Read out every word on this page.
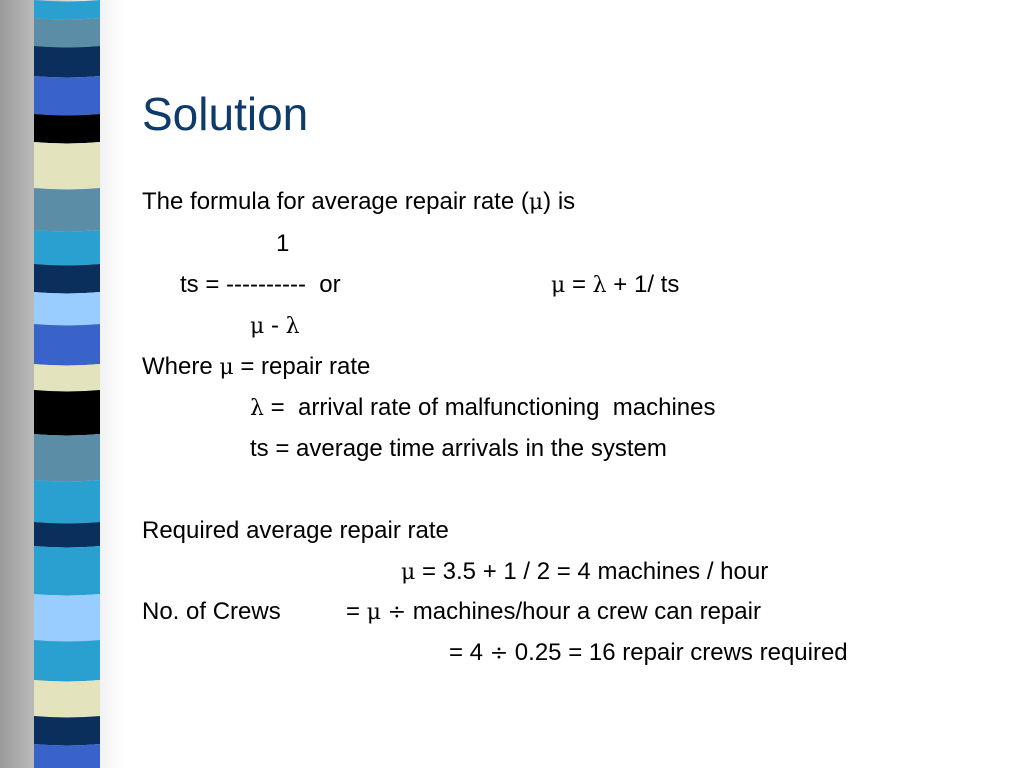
Solution
The formula for average repair rate (μ) is
1
ts = ----------  or	μ = λ + 1/ ts
μ - λ
Where μ = repair rate
λ =  arrival rate of malfunctioning  machines
ts = average time arrivals in the system
Required average repair rate
μ = 3.5 + 1 / 2 = 4 machines / hour
No. of Crews	= μ ÷ machines/hour a crew can repair
= 4 ÷ 0.25 = 16 repair crews required
